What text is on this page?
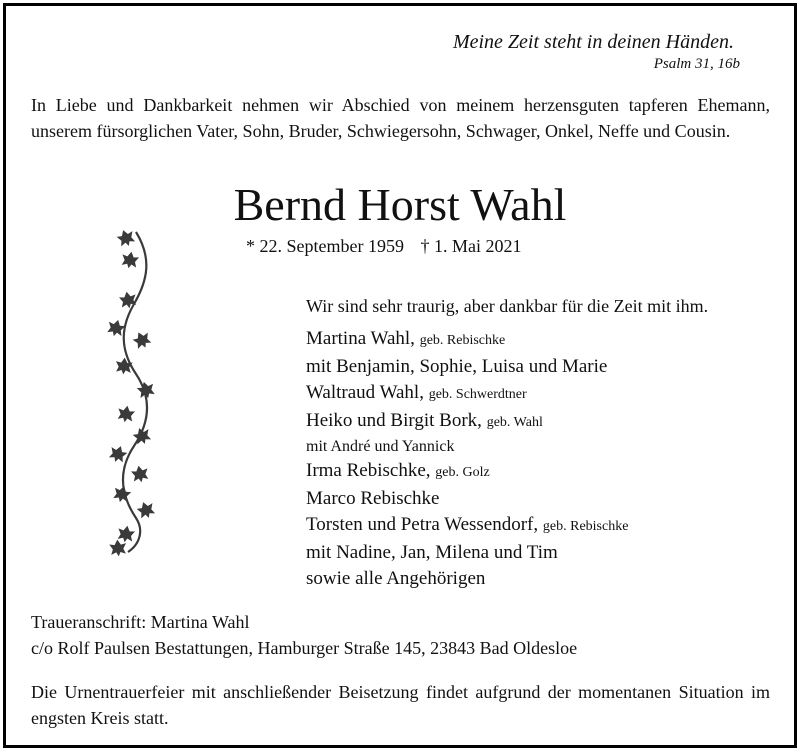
Meine Zeit steht in deinen Händen.
Psalm 31, 16b
In Liebe und Dankbarkeit nehmen wir Abschied von meinem herzensguten tapferen Ehemann, unserem fürsorglichen Vater, Sohn, Bruder, Schwiegersohn, Schwager, Onkel, Neffe und Cousin.
Bernd Horst Wahl
* 22. September 1959 † 1. Mai 2021
Wir sind sehr traurig, aber dankbar für die Zeit mit ihm.
Martina Wahl, geb. Rebischke
mit Benjamin, Sophie, Luisa und Marie
Waltraud Wahl, geb. Schwerdtner
Heiko und Birgit Bork, geb. Wahl
mit André und Yannick
Irma Rebischke, geb. Golz
Marco Rebischke
Torsten und Petra Wessendorf, geb. Rebischke
mit Nadine, Jan, Milena und Tim
sowie alle Angehörigen
Traueranschrift: Martina Wahl
c/o Rolf Paulsen Bestattungen, Hamburger Straße 145, 23843 Bad Oldesloe
Die Urnentrauerfeier mit anschließender Beisetzung findet aufgrund der momentanen Situation im engsten Kreis statt.
